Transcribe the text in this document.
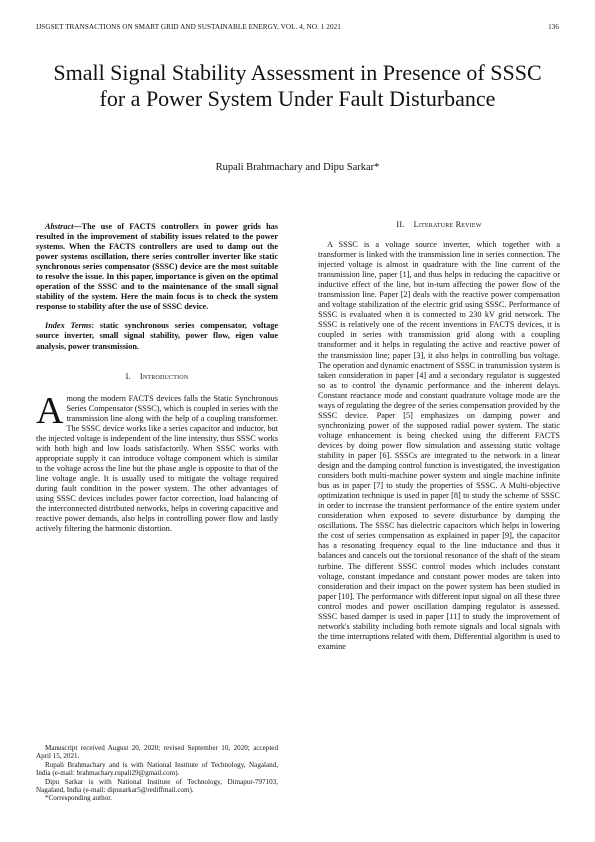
IJSGSET TRANSACTIONS ON SMART GRID AND SUSTAINABLE ENERGY, VOL. 4, NO. 1 2021	136
Small Signal Stability Assessment in Presence of SSSC for a Power System Under Fault Disturbance
Rupali Brahmachary and Dipu Sarkar*

Abstract—The use of FACTS controllers in power grids has resulted in the improvement of stability issues related to the power systems. When the FACTS controllers are used to damp out the power systems oscillation, there series controller inverter like static synchronous series compensator (SSSC) device are the most suitable to resolve the issue. In this paper, importance is given on the optimal operation of the SSSC and to the maintenance of the small signal stability of the system. Here the main focus is to check the system response to stability after the use of SSSC device.

Index Terms: static synchronous series compensator, voltage source inverter, small signal stability, power flow, eigen value analysis, power transmission.

I. Introduction

Among the modern FACTS devices falls the Static Synchronous Series Compensator (SSSC), which is coupled in series with the transmission line along with the help of a coupling transformer. The SSSC device works like a series capacitor and inductor, but the injected voltage is independent of the line intensity, thus SSSC works with both high and low loads satisfactorily. When SSSC works with appropriate supply it can introduce voltage component which is similar to the voltage across the line but the phase angle is opposite to that of the line voltage angle. It is usually used to mitigate the voltage required during fault condition in the power system. The other advantages of using SSSC devices includes power factor correction, load balancing of the interconnected distributed networks, helps in covering capacitive and reactive power demands, also helps in controlling power flow and lastly actively filtering the harmonic distortion.

Manuscript received August 20, 2020; revised September 10, 2020; accepted April 15, 2021.

Rupali Brahmachary and is with National Institute of Technology, Nagaland, India (e-mail: brahmachary.rupali29@gmail.com).

Dipu Sarkar is with National Institute of Technology, Dimapur-797103, Nagaland, India (e-mail: dipusarkar5@rediffmail.com).

*Corresponding author.

II. Literature Review

A SSSC is a voltage source inverter, which together with a transformer is linked with the transmission line in series connection. The injected voltage is almost in quadrature with the line current of the transmission line, paper [1], and thus helps in reducing the capacitive or inductive effect of the line, but in-turn affecting the power flow of the transmission line. Paper [2] deals with the reactive power compensation and voltage stabilization of the electric grid using SSSC. Performance of SSSC is evaluated when it is connected to 230 kV grid network. The SSSC is relatively one of the recent inventions in FACTS devices, it is coupled in series with transmission grid along with a coupling transformer and it helps in regulating the active and reactive power of the transmission line; paper [3], it also helps in controlling bus voltage. The operation and dynamic enactment of SSSC in transmission system is taken consideration in paper [4] and a secondary regulator is suggested so as to control the dynamic performance and the inherent delays. Constant reactance mode and constant quadrature voltage mode are the ways of regulating the degree of the series compensation provided by the SSSC device. Paper [5] emphasizes on damping power and synchronizing power of the supposed radial power system. The static voltage enhancement is being checked using the different FACTS devices by doing power flow simulation and assessing static voltage stability in paper [6]. SSSCs are integrated to the network in a linear design and the damping control function is investigated, the investigation considers both multi-machine power system and single machine infinite bus as in paper [7] to study the properties of SSSC. A Multi-objective optimization technique is used in paper [8] to study the scheme of SSSC in order to increase the transient performance of the entire system under consideration when exposed to severe disturbance by damping the oscillations. The SSSC has dielectric capacitors which helps in lowering the cost of series compensation as explained in paper [9], the capacitor has a resonating frequency equal to the line inductance and thus it balances and cancels out the torsional resonance of the shaft of the steam turbine. The different SSSC control modes which includes constant voltage, constant impedance and constant power modes are taken into consideration and their impact on the power system has been studied in paper [10]. The performance with different input signal on all these three control modes and power oscillation damping regulator is assessed. SSSC based damper is used in paper [11] to study the improvement of network's stability including both remote signals and local signals with the time interruptions related with them. Differential algorithm is used to examine
